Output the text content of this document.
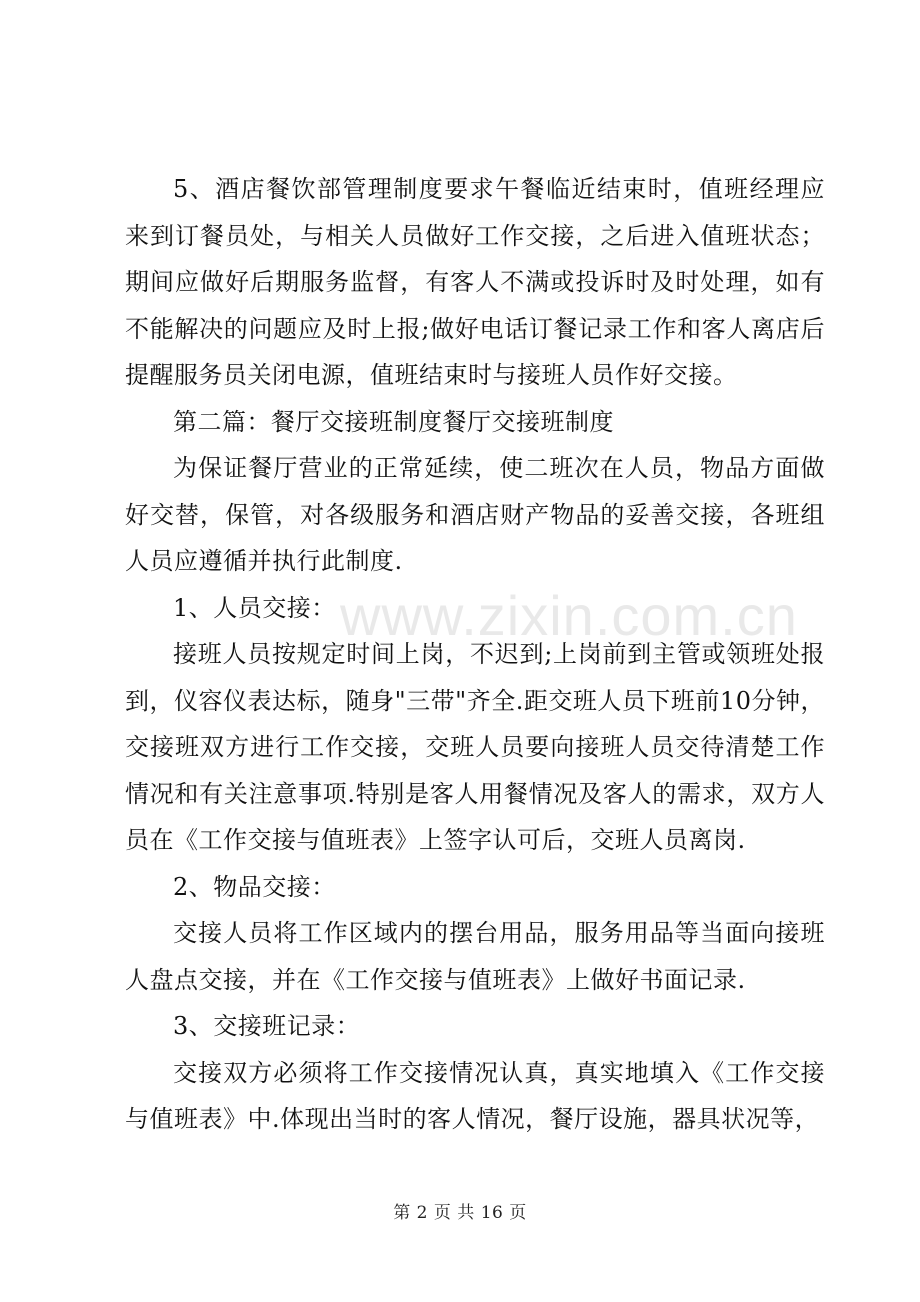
5、酒店餐饮部管理制度要求午餐临近结束时，值班经理应来到订餐员处，与相关人员做好工作交接，之后进入值班状态；期间应做好后期服务监督，有客人不满或投诉时及时处理，如有不能解决的问题应及时上报;做好电话订餐记录工作和客人离店后提醒服务员关闭电源，值班结束时与接班人员作好交接。

第二篇：餐厅交接班制度餐厅交接班制度

为保证餐厅营业的正常延续，使二班次在人员，物品方面做好交替，保管，对各级服务和酒店财产物品的妥善交接，各班组人员应遵循并执行此制度.

1、人员交接：

接班人员按规定时间上岗，不迟到;上岗前到主管或领班处报到，仪容仪表达标，随身"三带"齐全.距交班人员下班前10分钟，交接班双方进行工作交接，交班人员要向接班人员交待清楚工作情况和有关注意事项.特别是客人用餐情况及客人的需求，双方人员在《工作交接与值班表》上签字认可后，交班人员离岗.

2、物品交接：

交接人员将工作区域内的摆台用品，服务用品等当面向接班人盘点交接，并在《工作交接与值班表》上做好书面记录.

3、交接班记录：

交接双方必须将工作交接情况认真，真实地填入《工作交接与值班表》中.体现出当时的客人情况，餐厅设施，器具状况等，

www.zixin.com.cn
第 2 页 共 16 页
